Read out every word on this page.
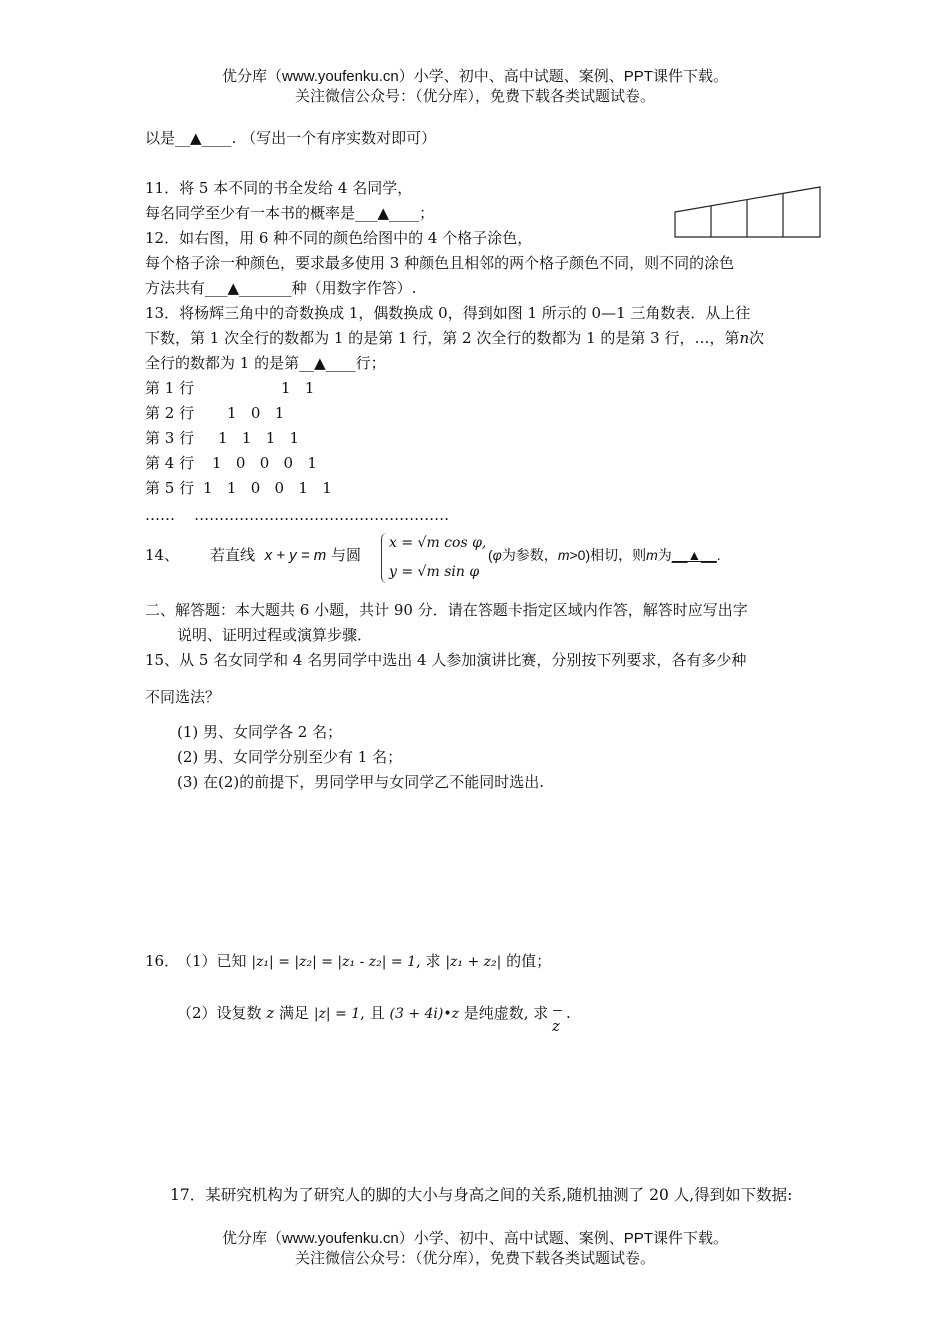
优分库（www.youfenku.cn）小学、初中、高中试题、案例、PPT课件下载。
关注微信公众号：（优分库），免费下载各类试题试卷。
以是__▲____. （写出一个有序实数对即可）
11．将 5 本不同的书全发给 4 名同学，
每名同学至少有一本书的概率是___▲____；
12．如右图，用 6 种不同的颜色给图中的 4 个格子涂色，
每个格子涂一种颜色，要求最多使用 3 种颜色且相邻的两个格子颜色不同，则不同的涂色
方法共有___▲_______种（用数字作答）.
13．将杨辉三角中的奇数换成 1，偶数换成 0，得到如图 1 所示的 0—1 三角数表．从上往
下数，第 1 次全行的数都为 1 的是第 1 行，第 2 次全行的数都为 1 的是第 3 行，…，第n次
全行的数都为 1 的是第__▲____行；
第 1 行	1   1
第 2 行 1   0   1
第 3 行 1   1   1   1
第 4 行 1   0   0   0   1
第 5 行 1   1   0   0   1   1
……    ……………………………………………
14、 若直线 x + y = m 与圆
x = √m cos φ,
y = √m sin φ
(φ为参数，m>0)相切，则m为__▲__.
二、解答题：本大题共 6 小题，共计 90 分．请在答题卡指定区域内作答，解答时应写出字
说明、证明过程或演算步骤．
15、从 5 名女同学和 4 名男同学中选出 4 人参加演讲比赛，分别按下列要求，各有多少种
不同选法？
(1) 男、女同学各 2 名；
(2) 男、女同学分别至少有 1 名；
(3) 在(2)的前提下，男同学甲与女同学乙不能同时选出.
16．
（1）已知 |z₁| = |z₂| = |z₁ - z₂| = 1, 求 |z₁ + z₂| 的值；
（2）设复数 z 满足 |z| = 1, 且 (3 + 4i)•z 是纯虚数, 求
z
.
17．某研究机构为了研究人的脚的大小与身高之间的关系,随机抽测了 20 人,得到如下数据:
优分库（www.youfenku.cn）小学、初中、高中试题、案例、PPT课件下载。
关注微信公众号：（优分库），免费下载各类试题试卷。
